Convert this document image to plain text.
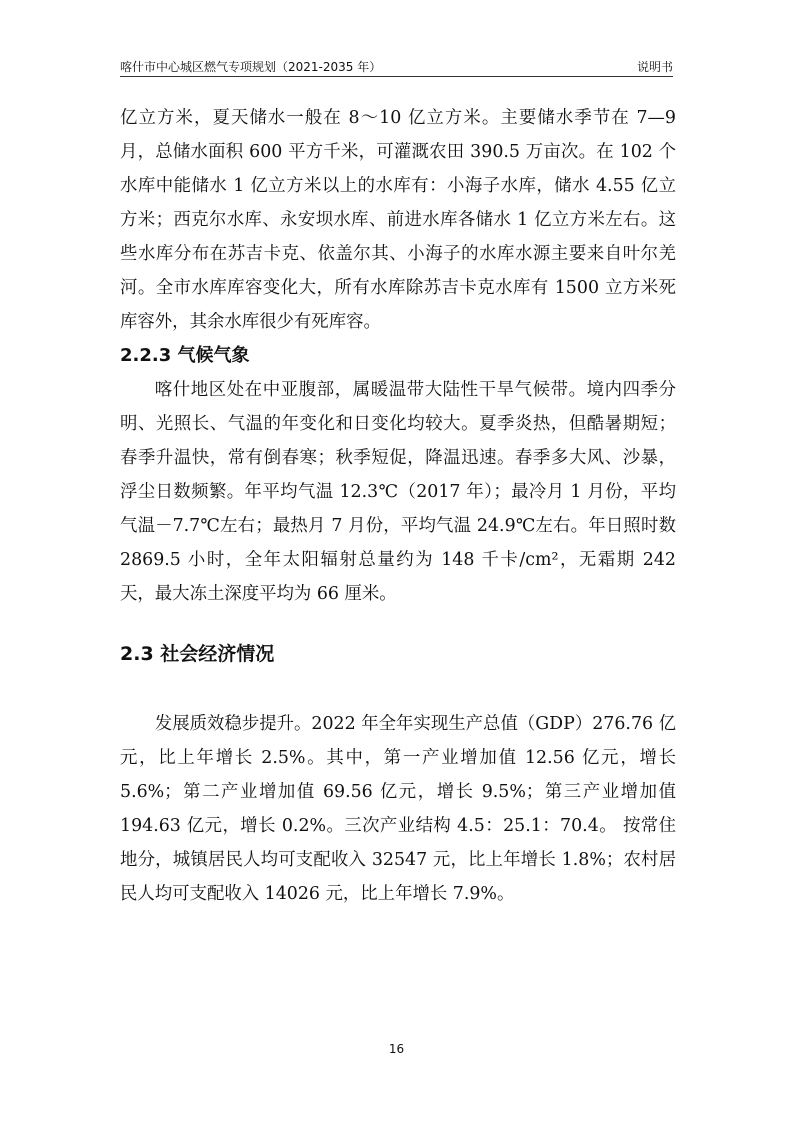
喀什市中心城区燃气专项规划（2021-2035 年）	说明书

亿立方米，夏天储水一般在 8～10 亿立方米。主要储水季节在 7—9 月，总储水面积 600 平方千米，可灌溉农田 390.5 万亩次。在 102 个水库中能储水 1 亿立方米以上的水库有：小海子水库，储水 4.55 亿立方米；西克尔水库、永安坝水库、前进水库各储水 1 亿立方米左右。这些水库分布在苏吉卡克、依盖尔其、小海子的水库水源主要来自叶尔羌河。全市水库库容变化大，所有水库除苏吉卡克水库有 1500 立方米死库容外，其余水库很少有死库容。

2.2.3 气候气象

喀什地区处在中亚腹部，属暖温带大陆性干旱气候带。境内四季分明、光照长、气温的年变化和日变化均较大。夏季炎热，但酷暑期短；春季升温快，常有倒春寒；秋季短促，降温迅速。春季多大风、沙暴，浮尘日数频繁。年平均气温 12.3℃（2017 年）；最冷月 1 月份，平均气温－7.7℃左右；最热月 7 月份，平均气温 24.9℃左右。年日照时数 2869.5 小时，全年太阳辐射总量约为 148 千卡/cm²，无霜期 242 天，最大冻土深度平均为 66 厘米。

2.3 社会经济情况

发展质效稳步提升。2022 年全年实现生产总值（GDP）276.76 亿元，比上年增长 2.5%。其中，第一产业增加值 12.56 亿元，增长 5.6%；第二产业增加值 69.56 亿元，增长 9.5%；第三产业增加值 194.63 亿元，增长 0.2%。三次产业结构 4.5：25.1：70.4。 按常住地分，城镇居民人均可支配收入 32547 元，比上年增长 1.8%；农村居民人均可支配收入 14026 元，比上年增长 7.9%。

16
